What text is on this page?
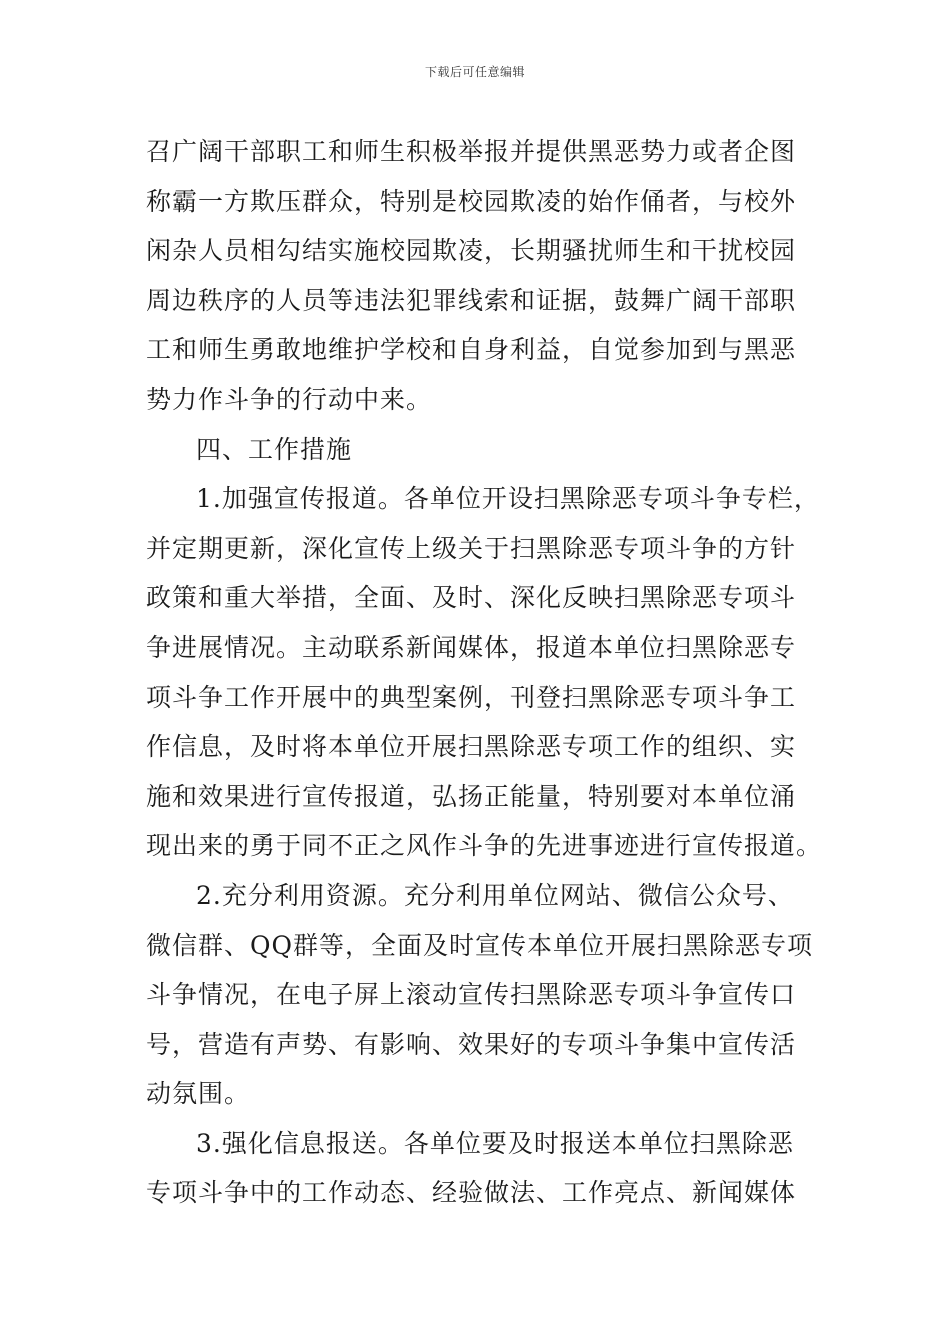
下载后可任意编辑
召广阔干部职工和师生积极举报并提供黑恶势力或者企图
称霸一方欺压群众，特别是校园欺凌的始作俑者，与校外
闲杂人员相勾结实施校园欺凌，长期骚扰师生和干扰校园
周边秩序的人员等违法犯罪线索和证据，鼓舞广阔干部职
工和师生勇敢地维护学校和自身利益，自觉参加到与黑恶
势力作斗争的行动中来。
四、工作措施
1.加强宣传报道。各单位开设扫黑除恶专项斗争专栏，
并定期更新，深化宣传上级关于扫黑除恶专项斗争的方针
政策和重大举措，全面、及时、深化反映扫黑除恶专项斗
争进展情况。主动联系新闻媒体，报道本单位扫黑除恶专
项斗争工作开展中的典型案例，刊登扫黑除恶专项斗争工
作信息，及时将本单位开展扫黑除恶专项工作的组织、实
施和效果进行宣传报道，弘扬正能量，特别要对本单位涌
现出来的勇于同不正之风作斗争的先进事迹进行宣传报道。
2.充分利用资源。充分利用单位网站、微信公众号、
微信群、QQ群等，全面及时宣传本单位开展扫黑除恶专项
斗争情况，在电子屏上滚动宣传扫黑除恶专项斗争宣传口
号，营造有声势、有影响、效果好的专项斗争集中宣传活
动氛围。
3.强化信息报送。各单位要及时报送本单位扫黑除恶
专项斗争中的工作动态、经验做法、工作亮点、新闻媒体
